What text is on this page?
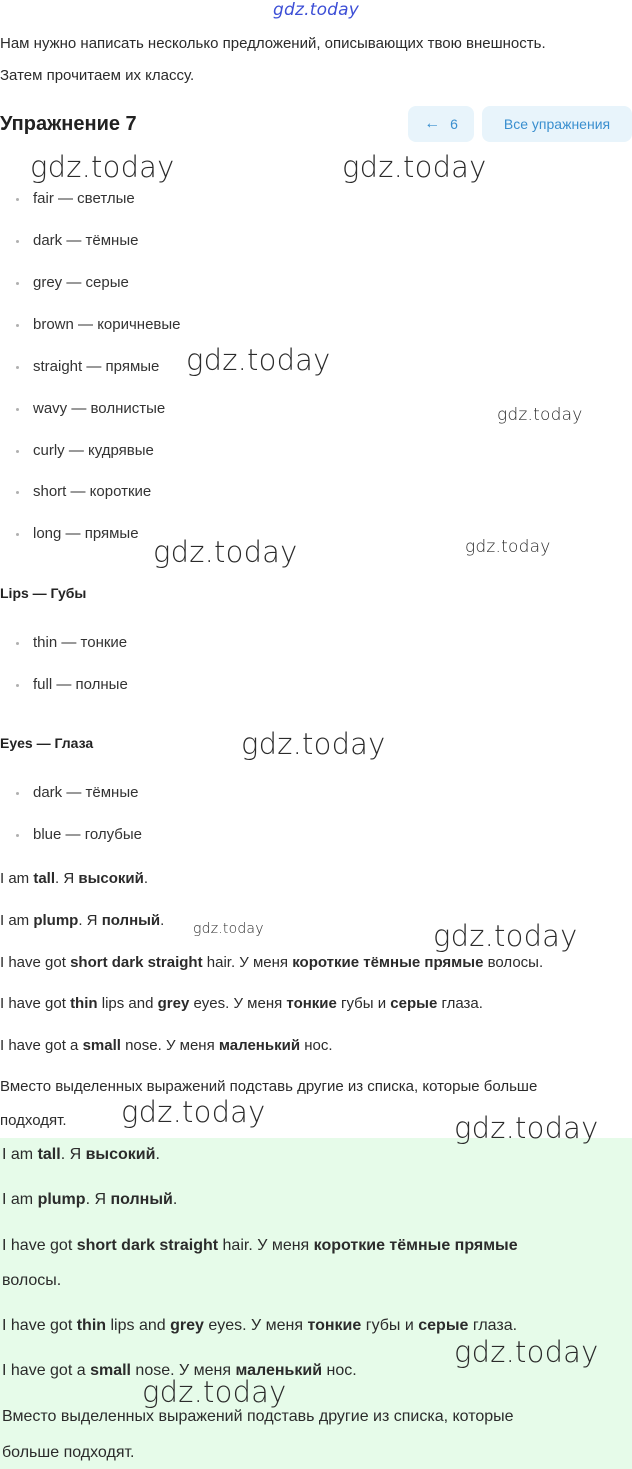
gdz.today
gdz.today	gdz.today
gdz.today
gdz.today
gdz.today	gdz.today
gdz.today
gdz.today	gdz.today
Нам нужно написать несколько предложений, описывающих твою внешность.
Затем прочитаем их классу.
Упражнение 7	← 6	Все упражнения
fair — светлые
dark — тёмные
grey — серые
brown — коричневые
straight — прямые
wavy — волнистые
curly — кудрявые
short — короткие
long — прямые
Lips — Губы
thin — тонкие
full — полные
Eyes — Глаза
dark — тёмные
blue — голубые
I am tall. Я высокий.
I am plump. Я полный.
I have got short dark straight hair. У меня короткие тёмные прямые волосы.
I have got thin lips and grey eyes. У меня тонкие губы и серые глаза.
I have got a small nose. У меня маленький нос.
Вместо выделенных выражений подставь другие из списка, которые больше
подходят. gdz.today
I am tall. Я высокий.
I am plump. Я полный.
I have got short dark straight hair. У меня короткие тёмные прямые
волосы.
I have got thin lips and grey eyes. У меня тонкие губы и серые глаза.
I have got a small nose. У меня маленький нос.
Вместо выделенных выражений подставь другие из списка, которые
больше подходят.
gdz.today
gdz.today
gdz.today
